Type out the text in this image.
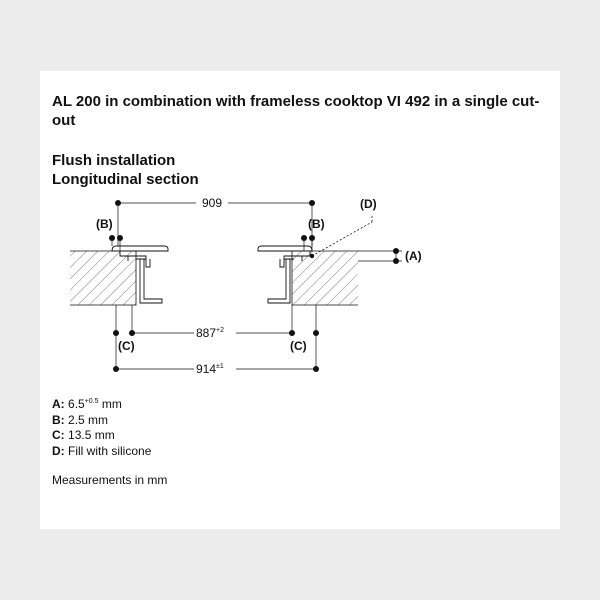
AL 200 in combination with frameless cooktop VI 492 in a single cut-out

Flush installation
Longitudinal section
909
$887^{+2}$
$914^{\pm 1}$
(B)	(B)
(C)	(C)
(A)
(D)
A: $6.5^{+0.5}$ mm
B: 2.5 mm
C: 13.5 mm
D: Fill with silicone
Measurements in mm
